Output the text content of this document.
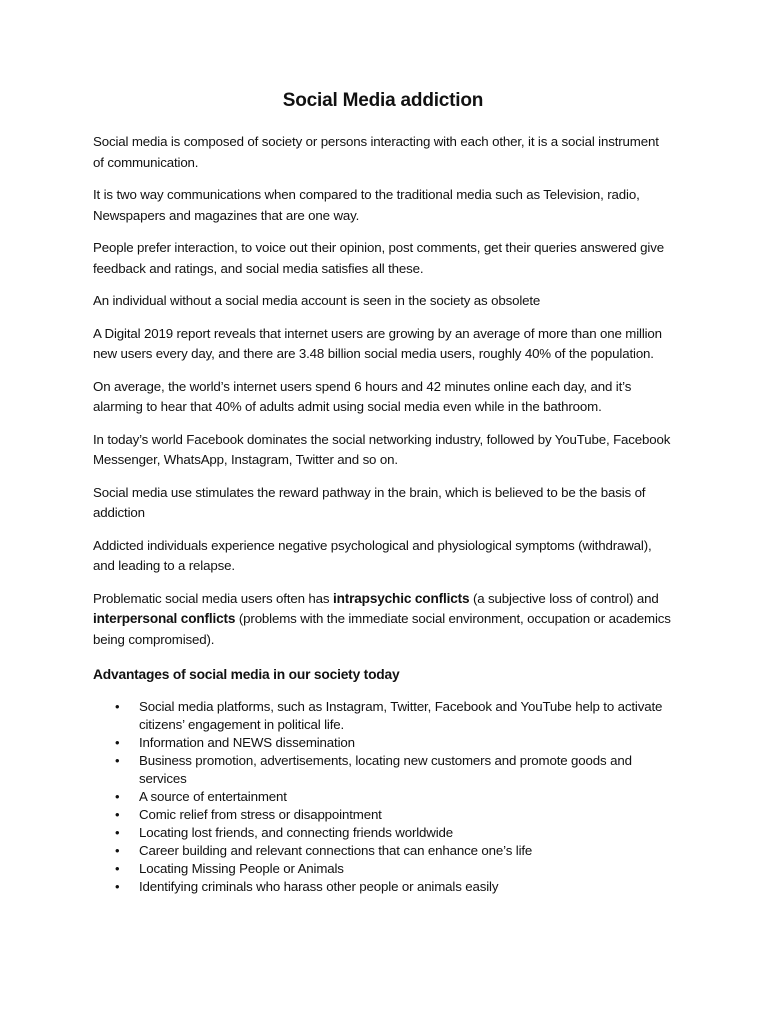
Social Media addiction

Social media is composed of society or persons interacting with each other, it is a social instrument of communication.

It is two way communications when compared to the traditional media such as Television, radio, Newspapers and magazines that are one way.

People prefer interaction, to voice out their opinion, post comments, get their queries answered give feedback and ratings, and social media satisfies all these.

An individual without a social media account is seen in the society as obsolete

A Digital 2019 report reveals that internet users are growing by an average of more than one million new users every day, and there are 3.48 billion social media users, roughly 40% of the population.

On average, the world’s internet users spend 6 hours and 42 minutes online each day, and it’s alarming to hear that 40% of adults admit using social media even while in the bathroom.

In today’s world Facebook dominates the social networking industry, followed by YouTube, Facebook Messenger, WhatsApp, Instagram, Twitter and so on.

Social media use stimulates the reward pathway in the brain, which is believed to be the basis of addiction

Addicted individuals experience negative psychological and physiological symptoms (withdrawal), and leading to a relapse.

Problematic social media users often has intrapsychic conflicts (a subjective loss of control) and interpersonal conflicts (problems with the immediate social environment, occupation or academics being compromised).

Advantages of social media in our society today
•	Social media platforms, such as Instagram, Twitter, Facebook and YouTube help to activate citizens’ engagement in political life.
•	Information and NEWS dissemination
•	Business promotion, advertisements, locating new customers and promote goods and services
•	A source of entertainment
•	Comic relief from stress or disappointment
•	Locating lost friends, and connecting friends worldwide
•	Career building and relevant connections that can enhance one’s life
•	Locating Missing People or Animals
•	Identifying criminals who harass other people or animals easily
